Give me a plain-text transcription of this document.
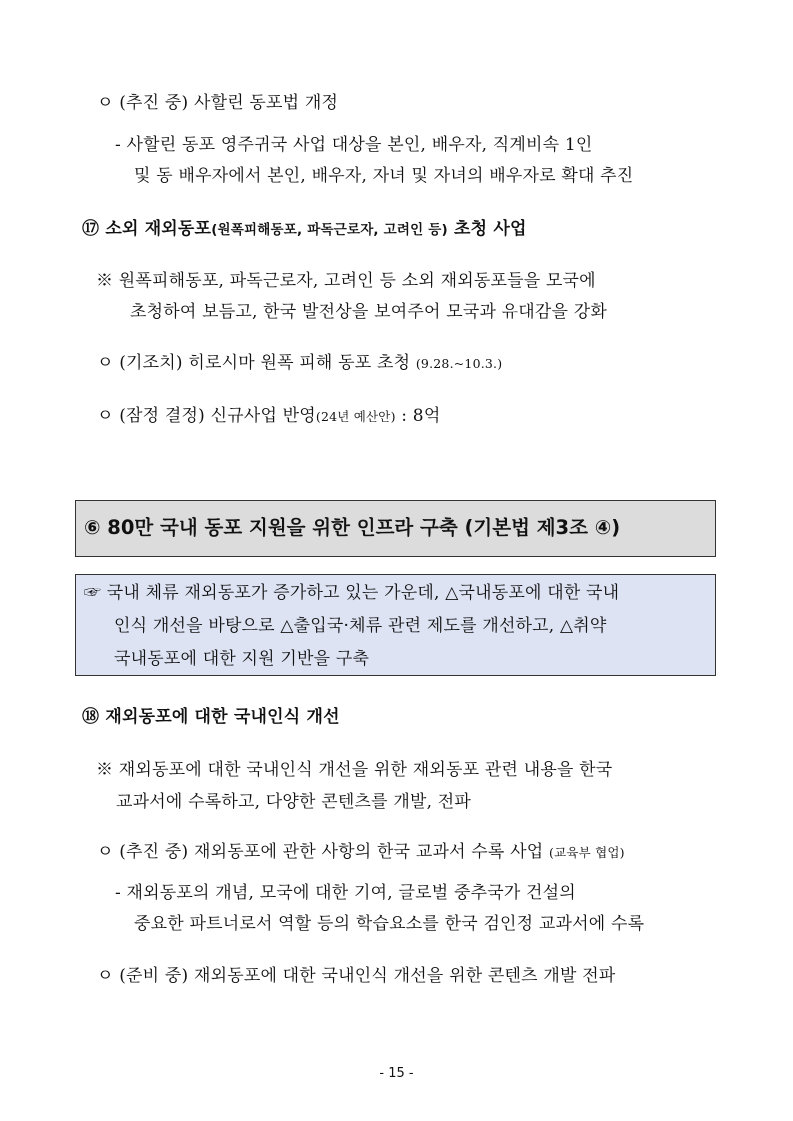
ㅇ (추진 중) 사할린 동포법 개정
- 사할린 동포 영주귀국 사업 대상을 본인, 배우자, 직계비속 1인
및 동 배우자에서 본인, 배우자, 자녀 및 자녀의 배우자로 확대 추진
⑰ 소외 재외동포(원폭피해동포, 파독근로자, 고려인 등) 초청 사업
※ 원폭피해동포, 파독근로자, 고려인 등 소외 재외동포들을 모국에
초청하여 보듬고, 한국 발전상을 보여주어 모국과 유대감을 강화
ㅇ (기조치) 히로시마 원폭 피해 동포 초청 (9.28.~10.3.)
ㅇ (잠정 결정) 신규사업 반영(24년 예산안) : 8억
⑥ 80만 국내 동포 지원을 위한 인프라 구축 (기본법 제3조 ④)
☞ 국내 체류 재외동포가 증가하고 있는 가운데, △국내동포에 대한 국내
인식 개선을 바탕으로 △출입국·체류 관련 제도를 개선하고, △취약
국내동포에 대한 지원 기반을 구축
⑱ 재외동포에 대한 국내인식 개선
※ 재외동포에 대한 국내인식 개선을 위한 재외동포 관련 내용을 한국
교과서에 수록하고, 다양한 콘텐츠를 개발, 전파
ㅇ (추진 중) 재외동포에 관한 사항의 한국 교과서 수록 사업 (교육부 협업)
- 재외동포의 개념, 모국에 대한 기여, 글로벌 중추국가 건설의
중요한 파트너로서 역할 등의 학습요소를 한국 검인정 교과서에 수록
ㅇ (준비 중) 재외동포에 대한 국내인식 개선을 위한 콘텐츠 개발 전파
- 15 -
